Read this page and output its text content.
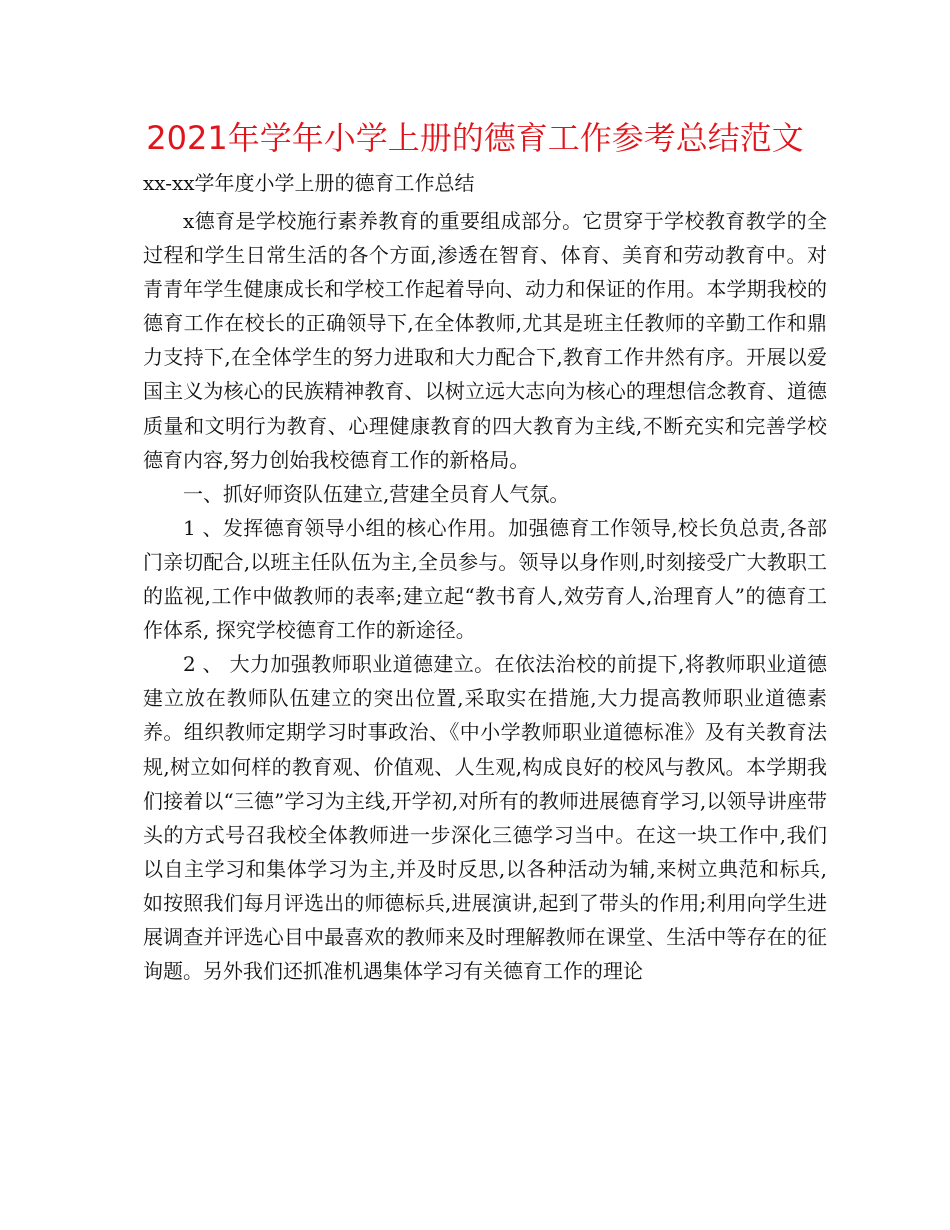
2021年学年小学上册的德育工作参考总结范文
xx-xx学年度小学上册的德育工作总结

x德育是学校施行素养教育的重要组成部分。它贯穿于学校教育教学的全过程和学生日常生活的各个方面,渗透在智育、体育、美育和劳动教育中。对青青年学生健康成长和学校工作起着导向、动力和保证的作用。本学期我校的德育工作在校长的正确领导下,在全体教师,尤其是班主任教师的辛勤工作和鼎力支持下,在全体学生的努力进取和大力配合下,教育工作井然有序。开展以爱国主义为核心的民族精神教育、以树立远大志向为核心的理想信念教育、道德质量和文明行为教育、心理健康教育的四大教育为主线,不断充实和完善学校德育内容,努力创始我校德育工作的新格局。

一、抓好师资队伍建立,营建全员育人气氛。

1 、发挥德育领导小组的核心作用。加强德育工作领导,校长负总责,各部门亲切配合,以班主任队伍为主,全员参与。领导以身作则,时刻接受广大教职工的监视,工作中做教师的表率;建立起“教书育人,效劳育人,治理育人”的德育工作体系, 探究学校德育工作的新途径。

2 、 大力加强教师职业道德建立。在依法治校的前提下,将教师职业道德建立放在教师队伍建立的突出位置,采取实在措施,大力提高教师职业道德素养。组织教师定期学习时事政治、《中小学教师职业道德标准》及有关教育法规,树立如何样的教育观、价值观、人生观,构成良好的校风与教风。本学期我们接着以“三德”学习为主线,开学初,对所有的教师进展德育学习,以领导讲座带头的方式号召我校全体教师进一步深化三德学习当中。在这一块工作中,我们以自主学习和集体学习为主,并及时反思,以各种活动为辅,来树立典范和标兵,如按照我们每月评选出的师德标兵,进展演讲,起到了带头的作用;利用向学生进展调查并评选心目中最喜欢的教师来及时理解教师在课堂、生活中等存在的征询题。另外我们还抓准机遇集体学习有关德育工作的理论
